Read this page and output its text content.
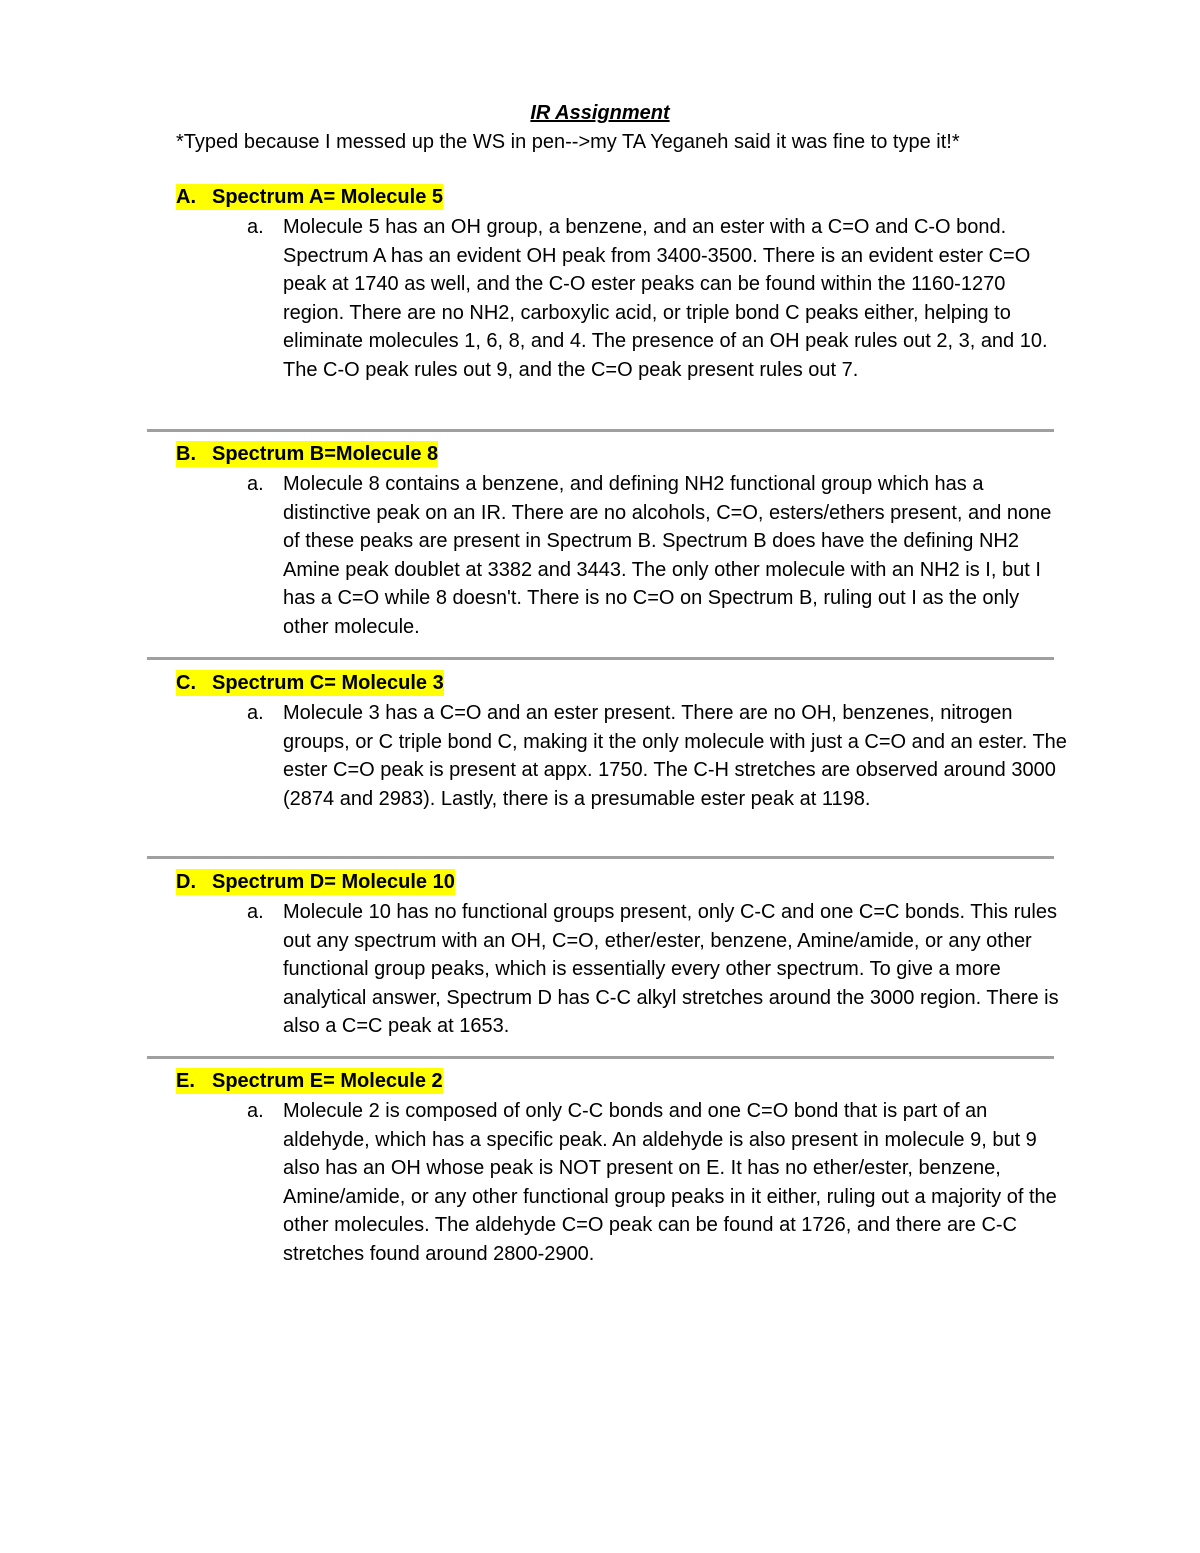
IR Assignment

*Typed because I messed up the WS in pen-->my TA Yeganeh said it was fine to type it!*

A. Spectrum A= Molecule 5
a. Molecule 5 has an OH group, a benzene, and an ester with a C=O and C-O bond. Spectrum A has an evident OH peak from 3400-3500. There is an evident ester C=O peak at 1740 as well, and the C-O ester peaks can be found within the 1160-1270 region. There are no NH2, carboxylic acid, or triple bond C peaks either, helping to eliminate molecules 1, 6, 8, and 4. The presence of an OH peak rules out 2, 3, and 10. The C-O peak rules out 9, and the C=O peak present rules out 7.

B. Spectrum B=Molecule 8
a. Molecule 8 contains a benzene, and defining NH2 functional group which has a distinctive peak on an IR. There are no alcohols, C=O, esters/ethers present, and none of these peaks are present in Spectrum B. Spectrum B does have the defining NH2 Amine peak doublet at 3382 and 3443. The only other molecule with an NH2 is I, but I has a C=O while 8 doesn't. There is no C=O on Spectrum B, ruling out I as the only other molecule.

C. Spectrum C= Molecule 3
a. Molecule 3 has a C=O and an ester present. There are no OH, benzenes, nitrogen groups, or C triple bond C, making it the only molecule with just a C=O and an ester. The ester C=O peak is present at appx. 1750. The C-H stretches are observed around 3000 (2874 and 2983). Lastly, there is a presumable ester peak at 1198.

D. Spectrum D= Molecule 10
a. Molecule 10 has no functional groups present, only C-C and one C=C bonds. This rules out any spectrum with an OH, C=O, ether/ester, benzene, Amine/amide, or any other functional group peaks, which is essentially every other spectrum. To give a more analytical answer, Spectrum D has C-C alkyl stretches around the 3000 region. There is also a C=C peak at 1653.

E. Spectrum E= Molecule 2
a. Molecule 2 is composed of only C-C bonds and one C=O bond that is part of an aldehyde, which has a specific peak. An aldehyde is also present in molecule 9, but 9 also has an OH whose peak is NOT present on E. It has no ether/ester, benzene, Amine/amide, or any other functional group peaks in it either, ruling out a majority of the other molecules. The aldehyde C=O peak can be found at 1726, and there are C-C stretches found around 2800-2900.
